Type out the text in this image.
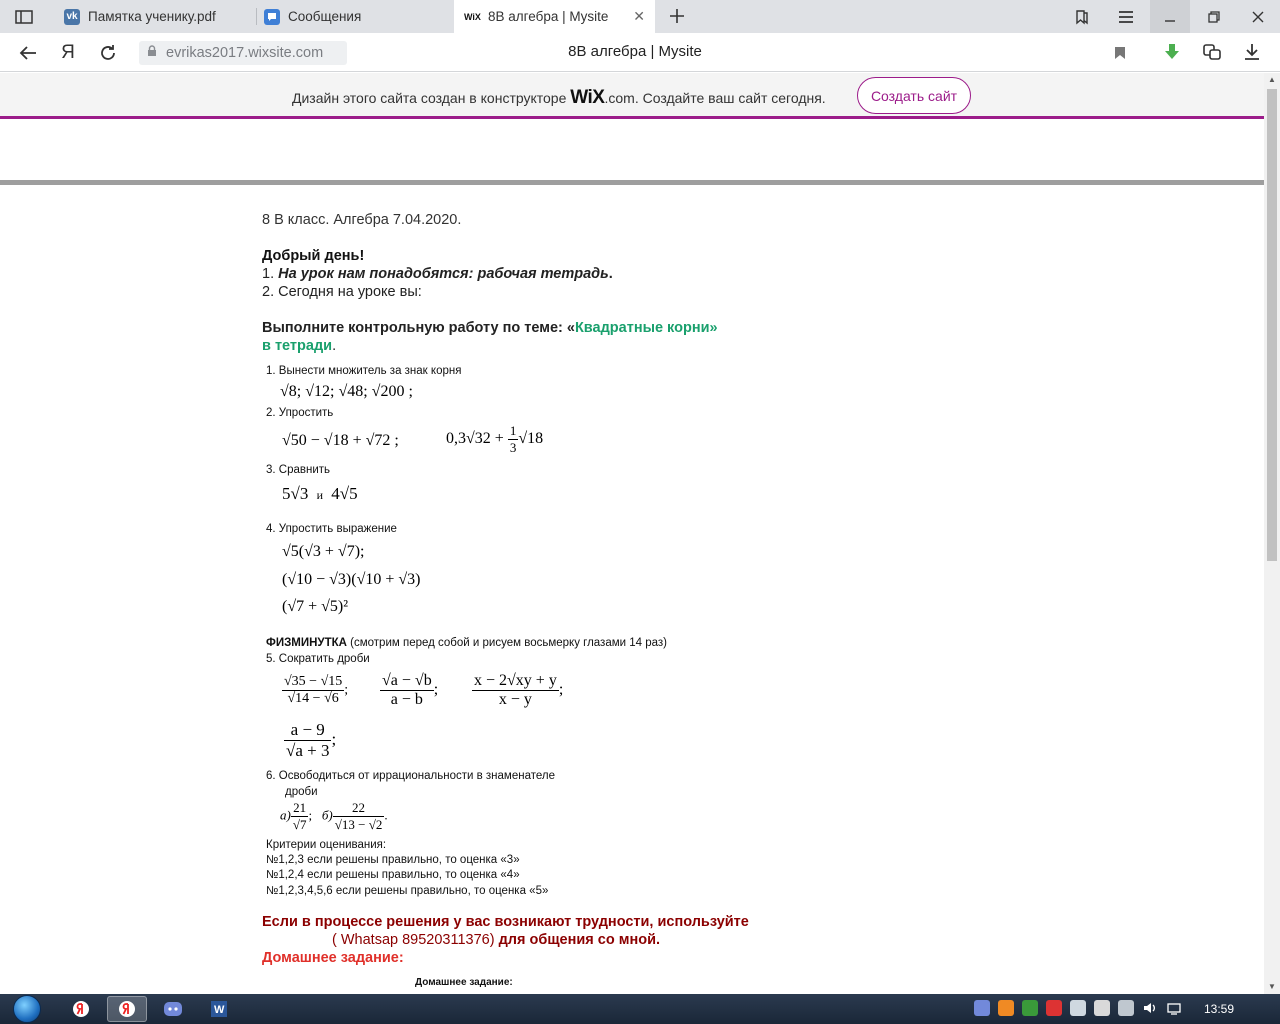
vk Памятка ученику.pdf	Сообщения	WiX 8В алгебра | Mysite ✕
Я	evrikas2017.wixsite.com	8В алгебра | Mysite
Дизайн этого сайта создан в конструкторе WiX.com. Создайте ваш сайт сегодня.	Создать сайт
8 В класс. Алгебра 7.04.2020.
Добрый день!
1. На урок нам понадобятся: рабочая тетрадь.
2. Сегодня на уроке вы:
Выполните контрольную работу по теме: «Квадратные корни»
в тетради.
1. Вынести множитель за знак корня
√8; √12; √48; √200 ;
2. Упростить
√50 − √18 + √72 ;	$0,3√32 + \frac{1}{3} √18$
3. Сравнить
5√3 и 4√5
4. Упростить выражение
√5(√3 + √7);
(√10 − √3)(√10 + √3)
(√7 + √5)²
ФИЗМИНУТКА (смотрим перед собой и рисуем восьмерку глазами 14 раз)
5. Сократить дроби
$\frac{√35 - √15}{√14 - √6}$ ; $\frac{√a - √b}{a - b}$ ; $\frac{x - 2√xy + y}{x - y}$ ;
$\frac{a - 9}{√a + 3}$ ;
6. Освободиться от иррациональности в знаменателе
дроби
$а) \frac{21}{√7}$ ; $б) \frac{22}{√13 - √2}$ .
Критерии оценивания:
№1,2,3 если решены правильно, то оценка «3»
№1,2,4 если решены правильно, то оценка «4»
№1,2,3,4,5,6 если решены правильно, то оценка «5»
Если в процессе решения у вас возникают трудности, используйте
( Whatsap 89520311376) для общения со мной.
Домашнее задание:
Домашнее задание:
▲
▼
W	13:59
